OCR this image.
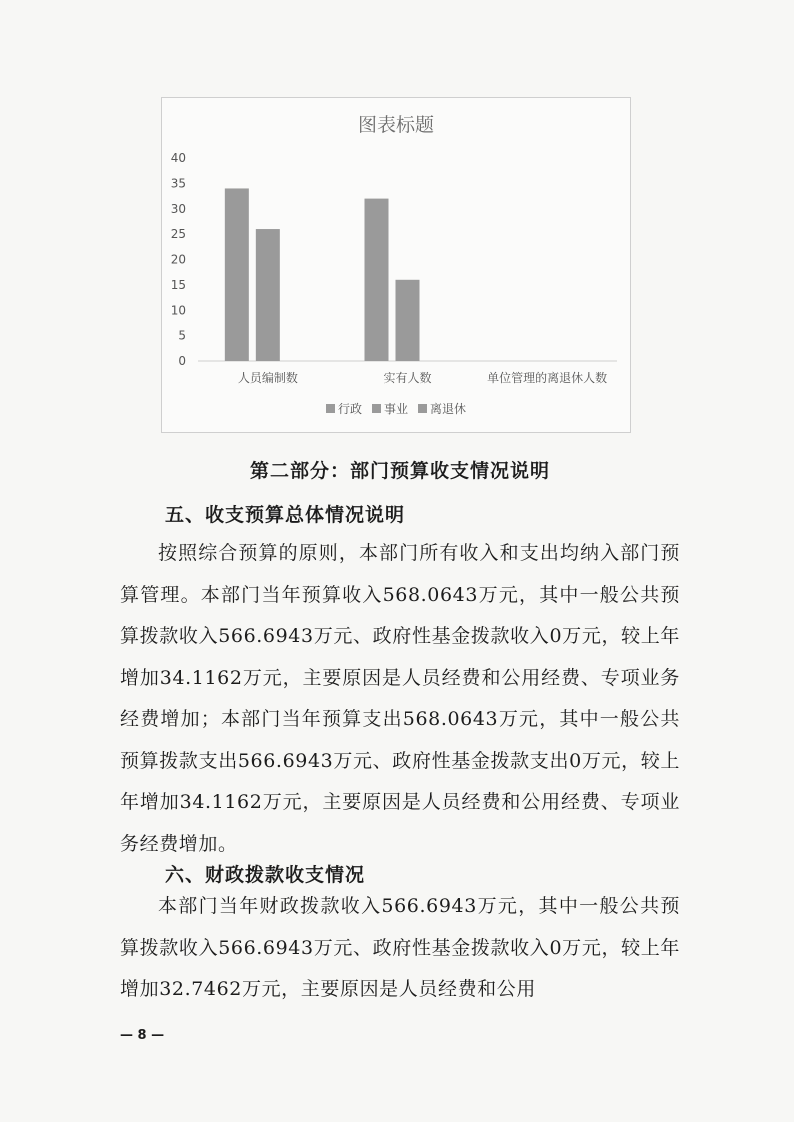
图表标题
0
5
10
15
20
25
30
35
40
人员编制数	实有人数	单位管理的离退休人数
行政 事业 离退休
第二部分：部门预算收支情况说明
五、收支预算总体情况说明
按照综合预算的原则，本部门所有收入和支出均纳入部门预算管理。本部门当年预算收入568.0643万元，其中一般公共预算拨款收入566.6943万元、政府性基金拨款收入0万元，较上年增加34.1162万元，主要原因是人员经费和公用经费、专项业务经费增加；本部门当年预算支出568.0643万元，其中一般公共预算拨款支出566.6943万元、政府性基金拨款支出0万元，较上年增加34.1162万元，主要原因是人员经费和公用经费、专项业务经费增加。
六、财政拨款收支情况
本部门当年财政拨款收入566.6943万元，其中一般公共预算拨款收入566.6943万元、政府性基金拨款收入0万元，较上年增加32.7462万元，主要原因是人员经费和公用
— 8 —
